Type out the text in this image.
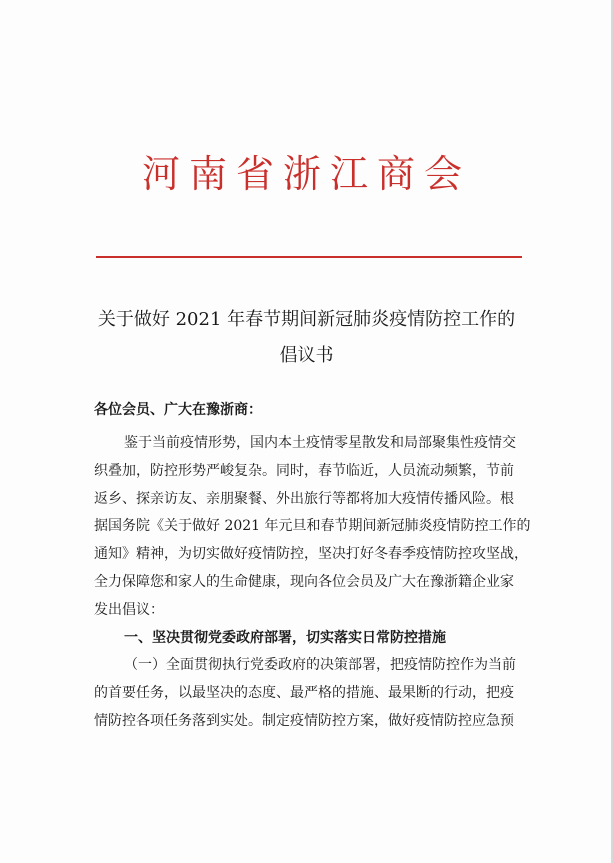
河南省浙江商会
关于做好 2021 年春节期间新冠肺炎疫情防控工作的
倡议书
各位会员、广大在豫浙商：

鉴于当前疫情形势，国内本土疫情零星散发和局部聚集性疫情交

织叠加，防控形势严峻复杂。同时，春节临近，人员流动频繁，节前

返乡、探亲访友、亲朋聚餐、外出旅行等都将加大疫情传播风险。根

据国务院《关于做好 2021 年元旦和春节期间新冠肺炎疫情防控工作的

通知》精神，为切实做好疫情防控，坚决打好冬春季疫情防控攻坚战，

全力保障您和家人的生命健康，现向各位会员及广大在豫浙籍企业家

发出倡议：

一、坚决贯彻党委政府部署，切实落实日常防控措施

（一）全面贯彻执行党委政府的决策部署，把疫情防控作为当前

的首要任务，以最坚决的态度、最严格的措施、最果断的行动，把疫

情防控各项任务落到实处。制定疫情防控方案，做好疫情防控应急预
